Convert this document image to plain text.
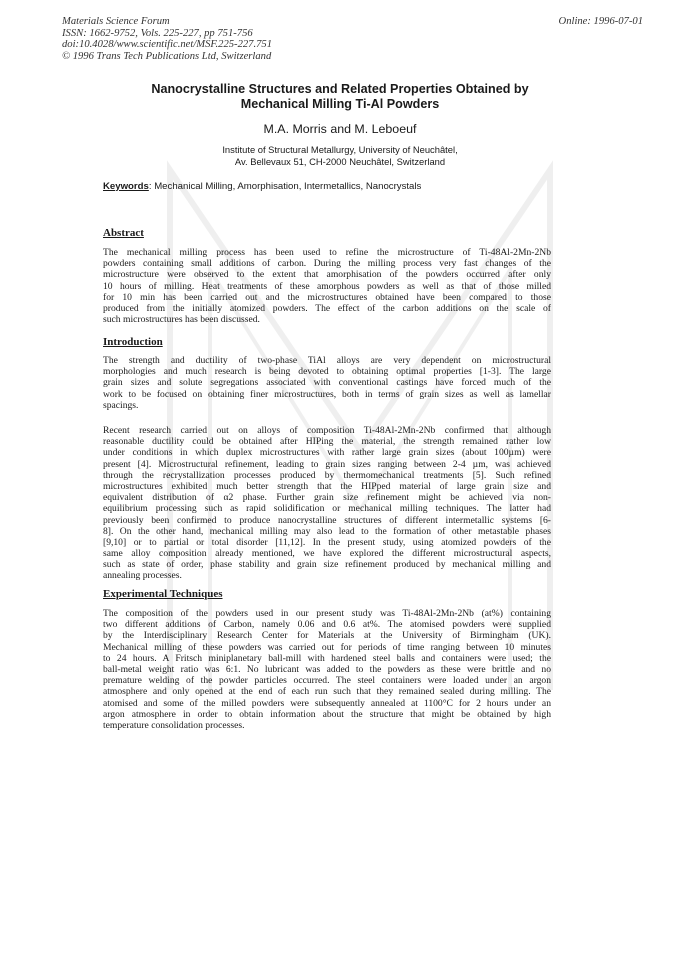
Materials Science Forum
ISSN: 1662-9752, Vols. 225-227, pp 751-756
doi:10.4028/www.scientific.net/MSF.225-227.751
© 1996 Trans Tech Publications Ltd, Switzerland
Online: 1996-07-01
Nanocrystalline Structures and Related Properties Obtained by
Mechanical Milling Ti-Al Powders
M.A. Morris and M. Leboeuf
Institute of Structural Metallurgy, University of Neuchâtel,
Av. Bellevaux 51, CH-2000 Neuchâtel, Switzerland
Keywords: Mechanical Milling, Amorphisation, Intermetallics, Nanocrystals
Abstract
The mechanical milling process has been used to refine the microstructure of Ti-48Al-2Mn-2Nb
powders containing small additions of carbon. During the milling process very fast changes of the
microstructure were observed to the extent that amorphisation of the powders occurred after only
10 hours of milling. Heat treatments of these amorphous powders as well as that of those milled
for 10 min has been carried out and the microstructures obtained have been compared to those
produced from the initially atomized powders. The effect of the carbon additions on the scale of
such microstructures has been discussed.
Introduction
The strength and ductility of two-phase TiAl alloys are very dependent on microstructural
morphologies and much research is being devoted to obtaining optimal properties [1-3]. The large
grain sizes and solute segregations associated with conventional castings have forced much of the
work to be focused on obtaining finer microstructures, both in terms of grain sizes as well as lamellar
spacings.
Recent research carried out on alloys of composition Ti-48Al-2Mn-2Nb confirmed that although
reasonable ductility could be obtained after HIPing the material, the strength remained rather low
under conditions in which duplex microstructures with rather large grain sizes (about 100µm) were
present [4]. Microstructural refinement, leading to grain sizes ranging between 2-4 µm, was achieved
through the recrystallization processes produced by thermomechanical treatments [5]. Such refined
microstructures exhibited much better strength that the HIPped material of large grain size and
equivalent distribution of α2 phase. Further grain size refinement might be achieved via non-
equilibrium processing such as rapid solidification or mechanical milling techniques. The latter had
previously been confirmed to produce nanocrystalline structures of different intermetallic systems [6-
8]. On the other hand, mechanical milling may also lead to the formation of other metastable phases
[9,10] or to partial or total disorder [11,12]. In the present study, using atomized powders of the
same alloy composition already mentioned, we have explored the different microstructural aspects,
such as state of order, phase stability and grain size refinement produced by mechanical milling and
annealing processes.
Experimental Techniques
The composition of the powders used in our present study was Ti-48Al-2Mn-2Nb (at%) containing
two different additions of Carbon, namely 0.06 and 0.6 at%. The atomised powders were supplied
by the Interdisciplinary Research Center for Materials at the University of Birmingham (UK).
Mechanical milling of these powders was carried out for periods of time ranging between 10 minutes
to 24 hours. A Fritsch miniplanetary ball-mill with hardened steel balls and containers were used; the
ball-metal weight ratio was 6:1. No lubricant was added to the powders as these were brittle and no
premature welding of the powder particles occurred. The steel containers were loaded under an argon
atmosphere and only opened at the end of each run such that they remained sealed during milling. The
atomised and some of the milled powders were subsequently annealed at 1100°C for 2 hours under an
argon atmosphere in order to obtain information about the structure that might be obtained by high
temperature consolidation processes.
